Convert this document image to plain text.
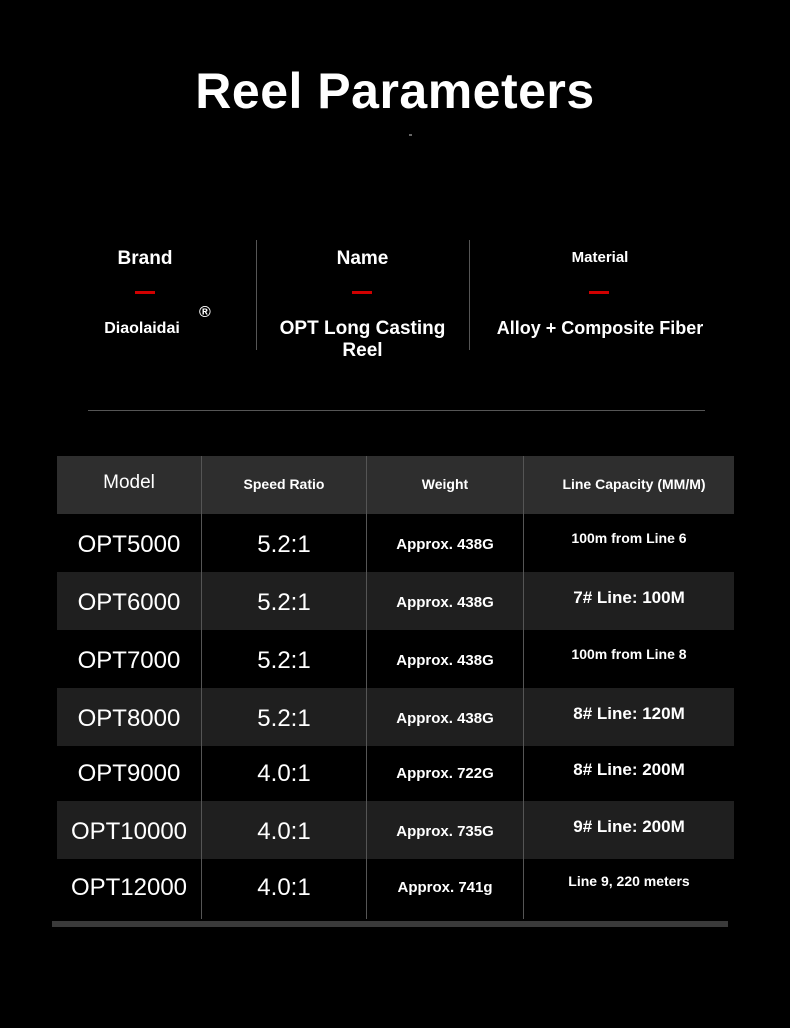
Reel Parameters
Brand
Diaolaidai
®
Name
OPT Long Casting Reel
Material
Alloy + Composite Fiber
Model	Speed Ratio	Weight	Line Capacity (MM/M)
OPT5000	5.2:1	Approx. 438G	100m from Line 6
OPT6000	5.2:1	Approx. 438G	7# Line: 100M
OPT7000	5.2:1	Approx. 438G	100m from Line 8
OPT8000	5.2:1	Approx. 438G	8# Line: 120M
OPT9000	4.0:1	Approx. 722G	8# Line: 200M
OPT10000	4.0:1	Approx. 735G	9# Line: 200M
OPT12000	4.0:1	Approx. 741g	Line 9, 220 meters
